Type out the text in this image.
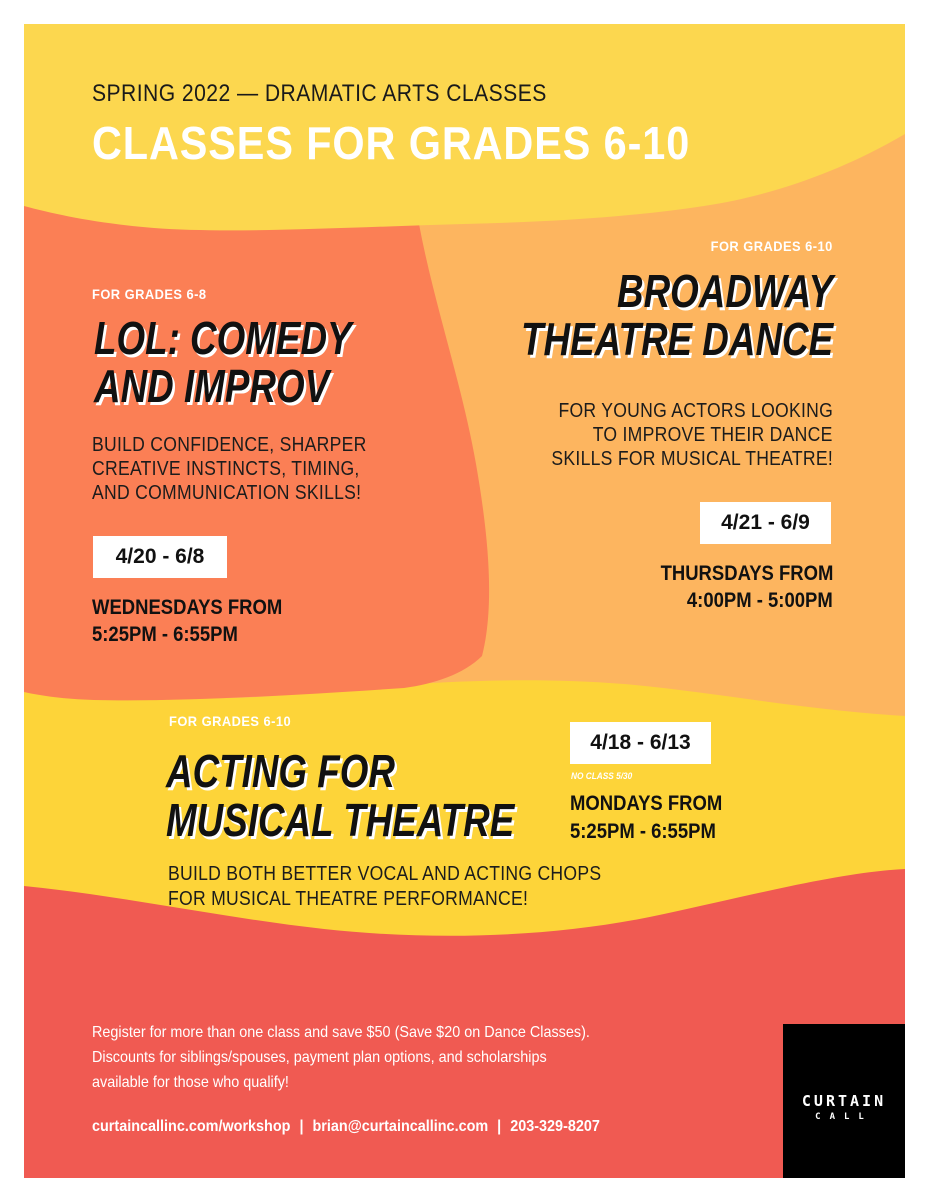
SPRING 2022 — DRAMATIC ARTS CLASSES

CLASSES FOR GRADES 6-10

FOR GRADES 6-8

LOL: COMEDY

AND IMPROV

BUILD CONFIDENCE, SHARPER

CREATIVE INSTINCTS, TIMING,

AND COMMUNICATION SKILLS!

4/20 - 6/8

WEDNESDAYS FROM

5:25PM - 6:55PM

FOR GRADES 6-10

BROADWAY

THEATRE DANCE

FOR YOUNG ACTORS LOOKING

TO IMPROVE THEIR DANCE

SKILLS FOR MUSICAL THEATRE!

4/21 - 6/9

THURSDAYS FROM

4:00PM - 5:00PM

FOR GRADES 6-10

ACTING FOR

MUSICAL THEATRE

BUILD BOTH BETTER VOCAL AND ACTING CHOPS

FOR MUSICAL THEATRE PERFORMANCE!

4/18 - 6/13

NO CLASS 5/30

MONDAYS FROM

5:25PM - 6:55PM

Register for more than one class and save $50 (Save $20 on Dance Classes).

Discounts for siblings/spouses, payment plan options, and scholarships

available for those who qualify!

curtaincallinc.com/workshop | brian@curtaincallinc.com | 203-329-8207

CURTAIN
CALL
